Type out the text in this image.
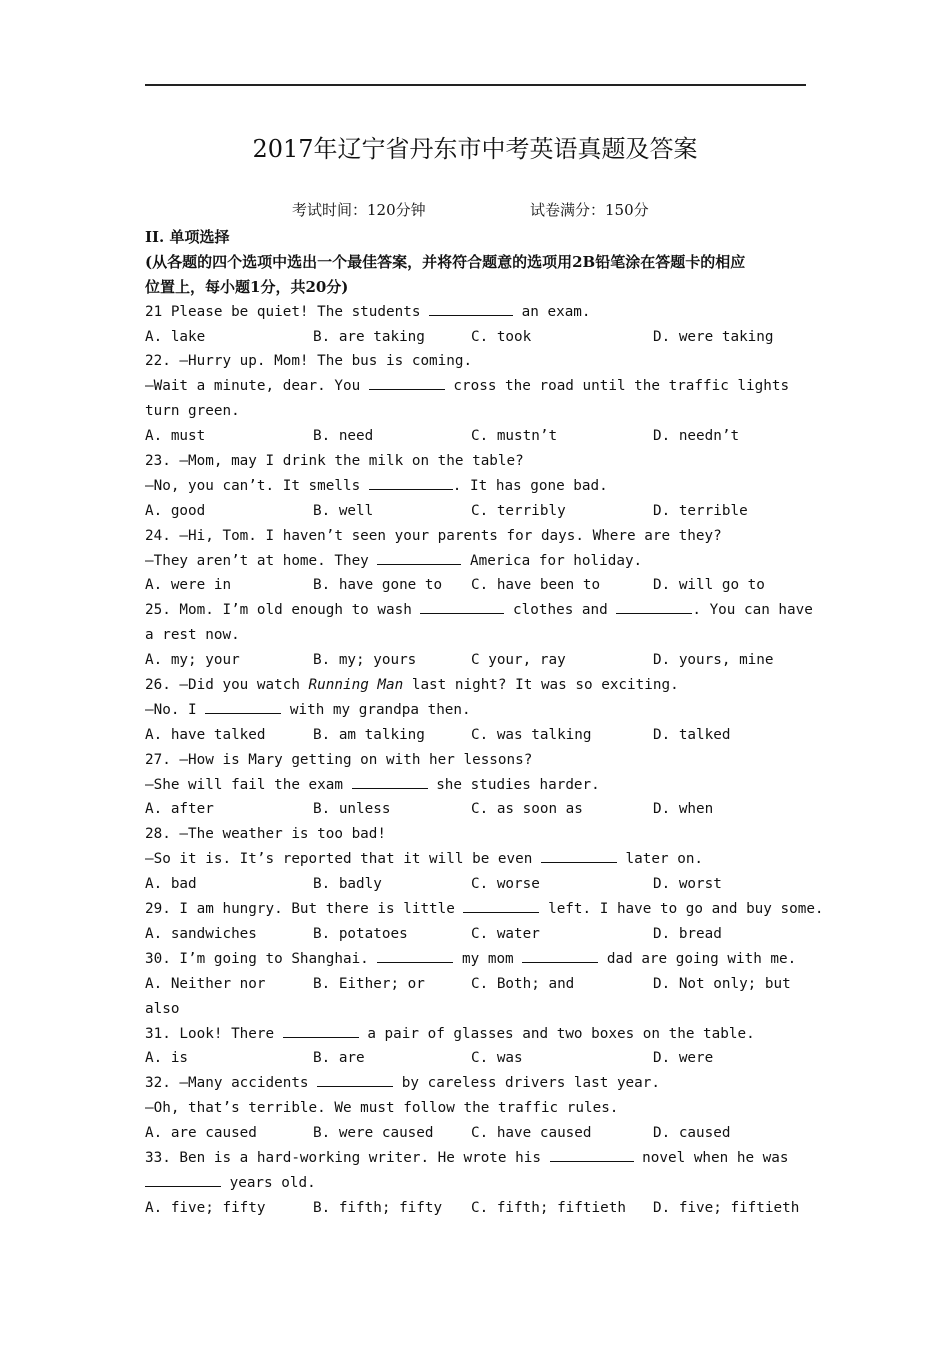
2017年辽宁省丹东市中考英语真题及答案
考试时间：120分钟	试卷满分：150分
II. 单项选择
(从各题的四个选项中选出一个最佳答案，并将符合题意的选项用2B铅笔涂在答题卡的相应
位置上，每小题1分，共20分)
21 Please be quiet! The students	an exam.

A. lake

	B. are taking

	C. took

	D. were taking

22. —Hurry up. Mom! The bus is coming.
—Wait a minute, dear. You	cross the road until the traffic lights
turn green.

A. must

	B. need

	C. mustn’t

	D. needn’t

23. —Mom, may I drink the milk on the table?
—No, you can’t. It smells	. It has gone bad.

A. good

	B. well

	C. terribly

	D. terrible

24. —Hi, Tom. I haven’t seen your parents for days. Where are they?
—They aren’t at home. They	America for holiday.

A. were in

	B. have gone to

C. have been to

	D. will go to

25. Mom. I’m old enough to wash	clothes and	. You can have
a rest now.

A. my; your

	B. my; yours

	C your, ray

	D. yours, mine

26. —Did you watch Running Man last night? It was so exciting.
—No. I	with my grandpa then.

A. have talked

	B. am talking

	C. was talking

	D. talked

27. —How is Mary getting on with her lessons?
—She will fail the exam	she studies harder.

A. after

	B. unless

	C. as soon as

	D. when

28. —The weather is too bad!
—So it is. It’s reported that it will be even	later on.

A. bad

	B. badly

	C. worse

	D. worst

29. I am hungry. But there is little	left. I have to go and buy some.

A. sandwiches

	B. potatoes

	C. water

	D. bread

30. I’m going to Shanghai.	my mom	dad are going with me.

A. Neither nor

	B. Either; or

	C. Both; and

	D. Not only; but

also
31. Look! There	a pair of glasses and two boxes on the table.

A. is

	B. are

	C. was

	D. were

32. —Many accidents	by careless drivers last year.
—Oh, that’s terrible. We must follow the traffic rules.

A. are caused

	B. were caused

	C. have caused

	D. caused

33. Ben is a hard-working writer. He wrote his	novel when he was
years old.

A. five; fifty

	B. fifth; fifty

C. fifth; fiftieth

D. five; fiftieth
